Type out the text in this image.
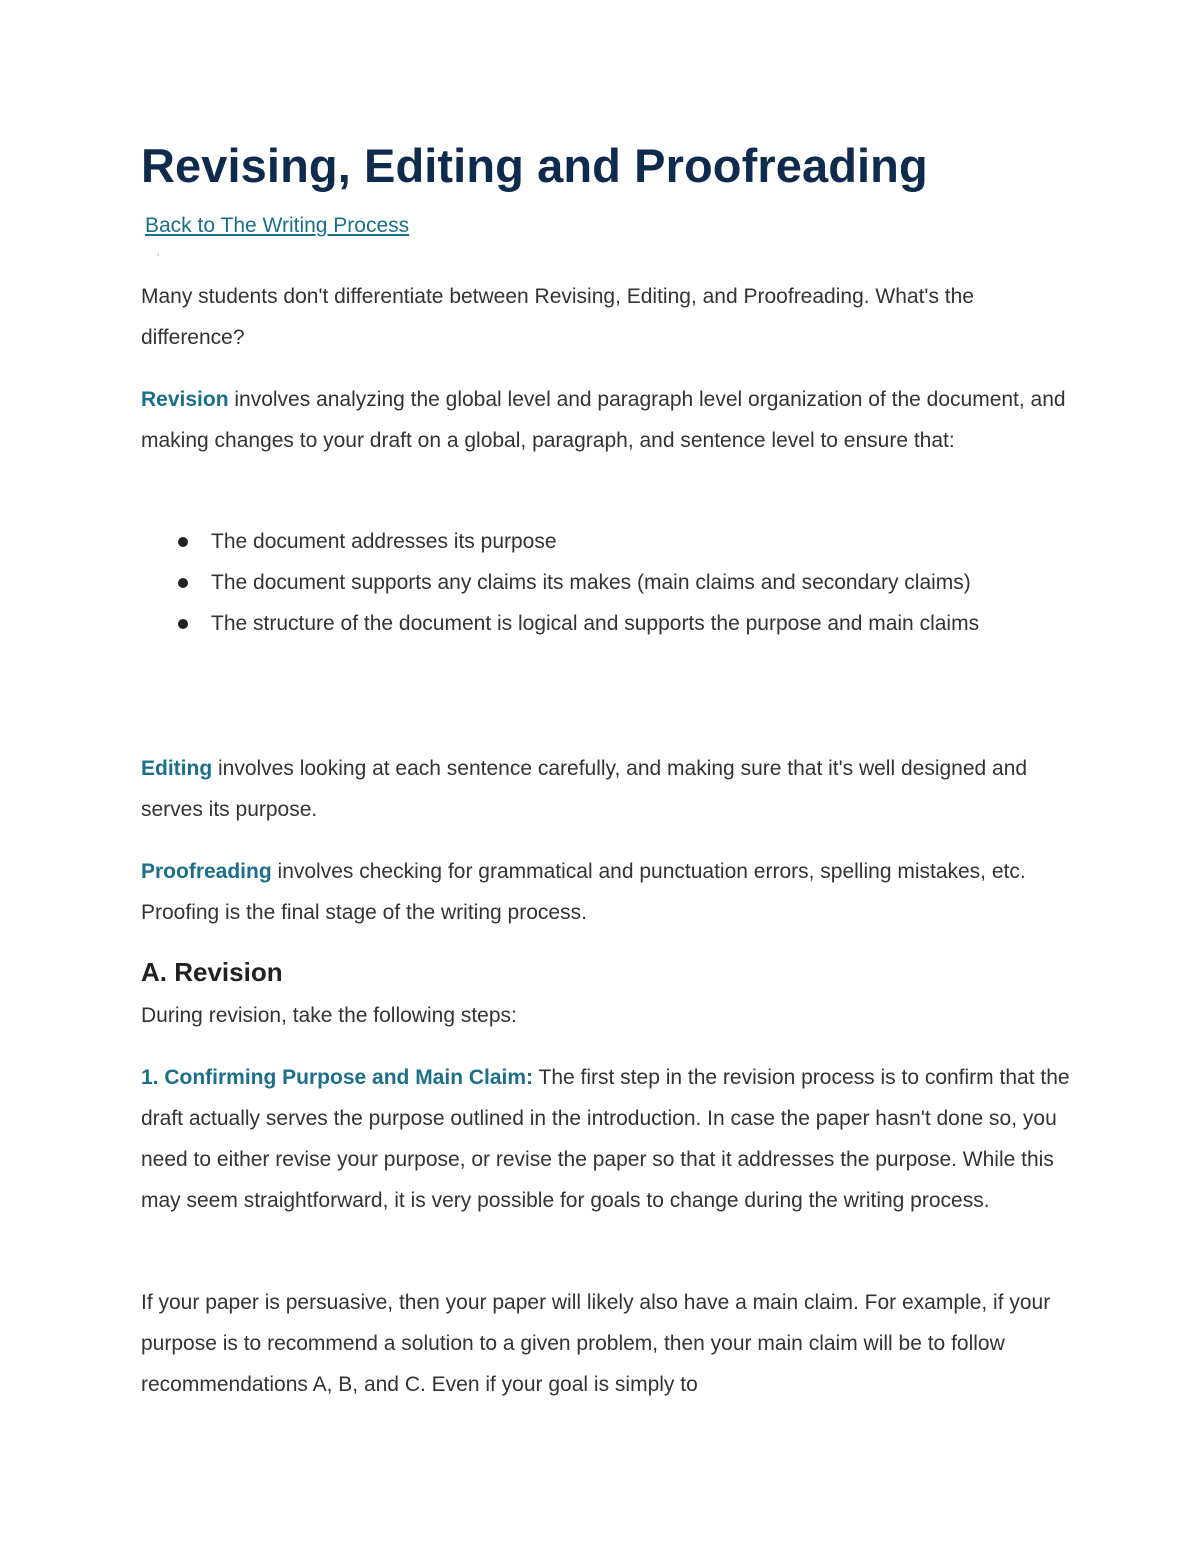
Revising, Editing and Proofreading
Back to The Writing Process
'

Many students don't differentiate between Revising, Editing, and Proofreading. What's the difference?

Revision involves analyzing the global level and paragraph level organization of the document, and making changes to your draft on a global, paragraph, and sentence level to ensure that:

The document addresses its purpose
The document supports any claims its makes (main claims and secondary claims)
The structure of the document is logical and supports the purpose and main claims

Editing involves looking at each sentence carefully, and making sure that it's well designed and serves its purpose.

Proofreading involves checking for grammatical and punctuation errors, spelling mistakes, etc. Proofing is the final stage of the writing process.

A. Revision

During revision, take the following steps:

1. Confirming Purpose and Main Claim: The first step in the revision process is to confirm that the draft actually serves the purpose outlined in the introduction. In case the paper hasn't done so, you need to either revise your purpose, or revise the paper so that it addresses the purpose. While this may seem straightforward, it is very possible for goals to change during the writing process.

If your paper is persuasive, then your paper will likely also have a main claim. For example, if your purpose is to recommend a solution to a given problem, then your main claim will be to follow recommendations A, B, and C. Even if your goal is simply to
